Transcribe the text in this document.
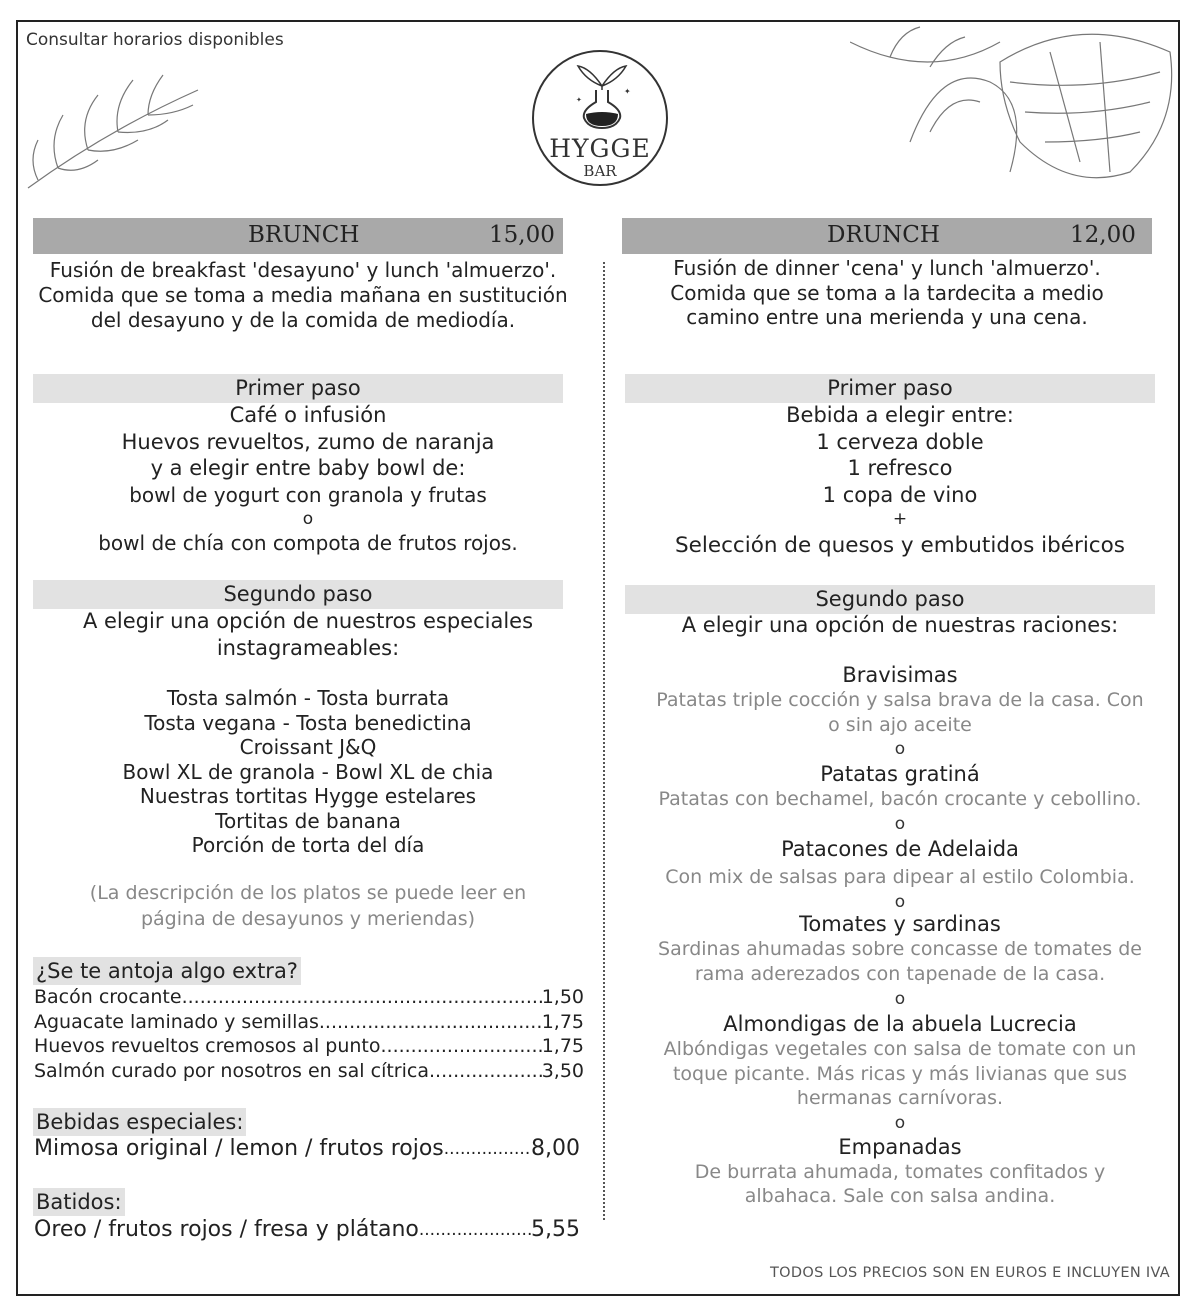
Consultar horarios disponibles
✦
✦
HYGGE
BAR
BRUNCH	15,00
Fusión de breakfast 'desayuno' y lunch 'almuerzo'.
Comida que se toma a media mañana en sustitución
del desayuno y de la comida de mediodía.
Primer paso
Café o infusión
Huevos revueltos, zumo de naranja
y a elegir entre baby bowl de:
bowl de yogurt con granola y frutas
o
bowl de chía con compota de frutos rojos.
Segundo paso
A elegir una opción de nuestros especiales
instagrameables:
Tosta salmón - Tosta burrata
Tosta vegana - Tosta benedictina
Croissant J&Q
Bowl XL de granola - Bowl XL de chia
Nuestras tortitas Hygge estelares
Tortitas de banana
Porción de torta del día
(La descripción de los platos se puede leer en
página de desayunos y meriendas)
¿Se te antoja algo extra?
Bacón crocante .....	1,50
Aguacate laminado y semillas .....	1,75
Huevos revueltos cremosos al punto .....	1,75
Salmón curado por nosotros en sal cítrica .....	3,50
Bebidas especiales:
Mimosa original / lemon / frutos rojos .....	8,00
Batidos:
Oreo / frutos rojos / fresa y plátano .....	5,55
DRUNCH	12,00
Fusión de dinner 'cena' y lunch 'almuerzo'.
Comida que se toma a la tardecita a medio
camino entre una merienda y una cena.
Primer paso
Bebida a elegir entre:
1 cerveza doble
1 refresco
1 copa de vino
+
Selección de quesos y embutidos ibéricos
Segundo paso
A elegir una opción de nuestras raciones:
Bravisimas
Patatas triple cocción y salsa brava de la casa. Con
o sin ajo aceite
o
Patatas gratiná
Patatas con bechamel, bacón crocante y cebollino.
o
Patacones de Adelaida
Con mix de salsas para dipear al estilo Colombia.
o
Tomates y sardinas
Sardinas ahumadas sobre concasse de tomates de
rama aderezados con tapenade de la casa.
o
Almondigas de la abuela Lucrecia
Albóndigas vegetales con salsa de tomate con un
toque picante. Más ricas y más livianas que sus
hermanas carnívoras.
o
Empanadas
De burrata ahumada, tomates confitados y
albahaca. Sale con salsa andina.
TODOS LOS PRECIOS SON EN EUROS E INCLUYEN IVA
